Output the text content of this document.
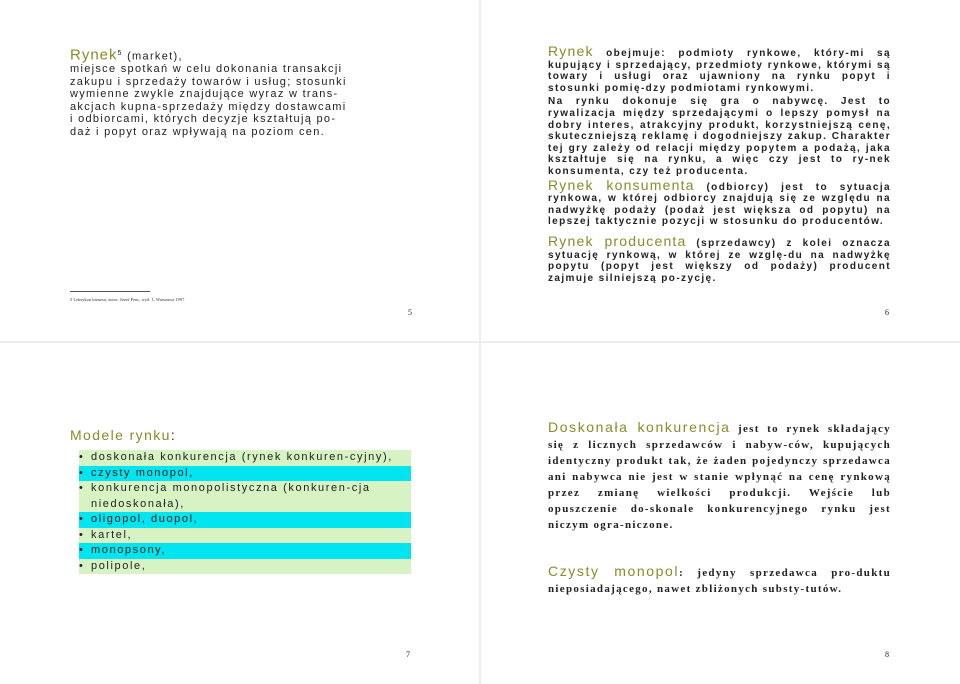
Rynek$^5$ (market),
miejsce spotkań w celu dokonania transakcji
zakupu i sprzedaży towarów i usług; stosunki
wymienne zwykle znajdujące wyraz w trans-
akcjach kupna-sprzedaży między dostawcami
i odbiorcami, których decyzje kształtują po-
daż i popyt oraz wpływają na poziom cen.
5 Leksykon biznesu, autor: Józef Penc, wyd. 1, Warszawa 1997
5

Rynek obejmuje: podmioty rynkowe, który-mi są kupujący i sprzedający, przedmioty rynkowe, którymi są towary i usługi oraz ujawniony na rynku popyt i stosunki pomię-dzy podmiotami rynkowymi.

Na rynku dokonuje się gra o nabywcę. Jest to rywalizacja między sprzedającymi o lepszy pomysł na dobry interes, atrakcyjny produkt, korzystniejszą cenę, skuteczniejszą reklamę i dogodniejszy zakup. Charakter tej gry zależy od relacji między popytem a podażą, jaka kształtuje się na rynku, a więc czy jest to ry-nek konsumenta, czy też producenta.

Rynek konsumenta (odbiorcy) jest to sytuacja rynkowa, w której odbiorcy znajdują się ze względu na nadwyżkę podaży (podaż jest większa od popytu) na lepszej taktycznie pozycji w stosunku do producentów.

Rynek producenta (sprzedawcy) z kolei oznacza sytuację rynkową, w której ze wzglę-du na nadwyżkę popytu (popyt jest większy od podaży) producent zajmuje silniejszą po-zycję.

6
Modele rynku:
• doskonała konkurencja (rynek konkuren-cyjny),
• czysty monopol,
• konkurencja monopolistyczna (konkuren-cja niedoskonała),
• oligopol, duopol,
• kartel,
• monopsony,
• polipole,
7
Doskonała konkurencja jest to rynek składający się z licznych sprzedawców i nabyw-ców, kupujących identyczny produkt tak, że żaden pojedynczy sprzedawca ani nabywca nie jest w stanie wpłynąć na cenę rynkową przez zmianę wielkości produkcji. Wejście lub opuszczenie do-skonale konkurencyjnego rynku jest niczym ogra-niczone.
Czysty monopol: jedyny sprzedawca pro-duktu nieposiadającego, nawet zbliżonych substy-tutów.
8
